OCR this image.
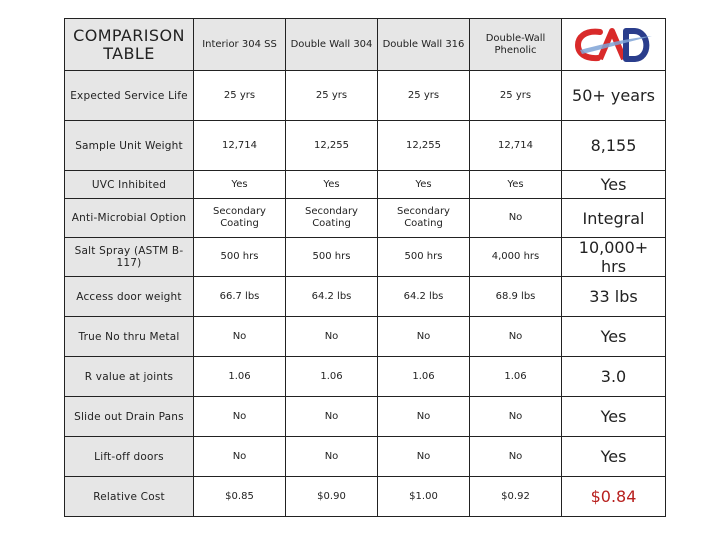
COMPARISON TABLE	Interior 304 SS	Double Wall 304	Double Wall 316	Double-Wall Phenolic	

Expected Service Life	25 yrs	25 yrs	25 yrs	25 yrs	50+ years
Sample Unit Weight	12,714	12,255	12,255	12,714	8,155
UVC Inhibited	Yes	Yes	Yes	Yes	Yes
Anti-Microbial Option	Secondary Coating	Secondary Coating	Secondary Coating	No	Integral
Salt Spray (ASTM B-117)	500 hrs	500 hrs	500 hrs	4,000 hrs	10,000+ hrs
Access door weight	66.7 lbs	64.2 lbs	64.2 lbs	68.9 lbs	33 lbs
True No thru Metal	No	No	No	No	Yes
R value at joints	1.06	1.06	1.06	1.06	3.0
Slide out Drain Pans	No	No	No	No	Yes
Lift-off doors	No	No	No	No	Yes
Relative Cost	$0.85	$0.90	$1.00	$0.92	$0.84
